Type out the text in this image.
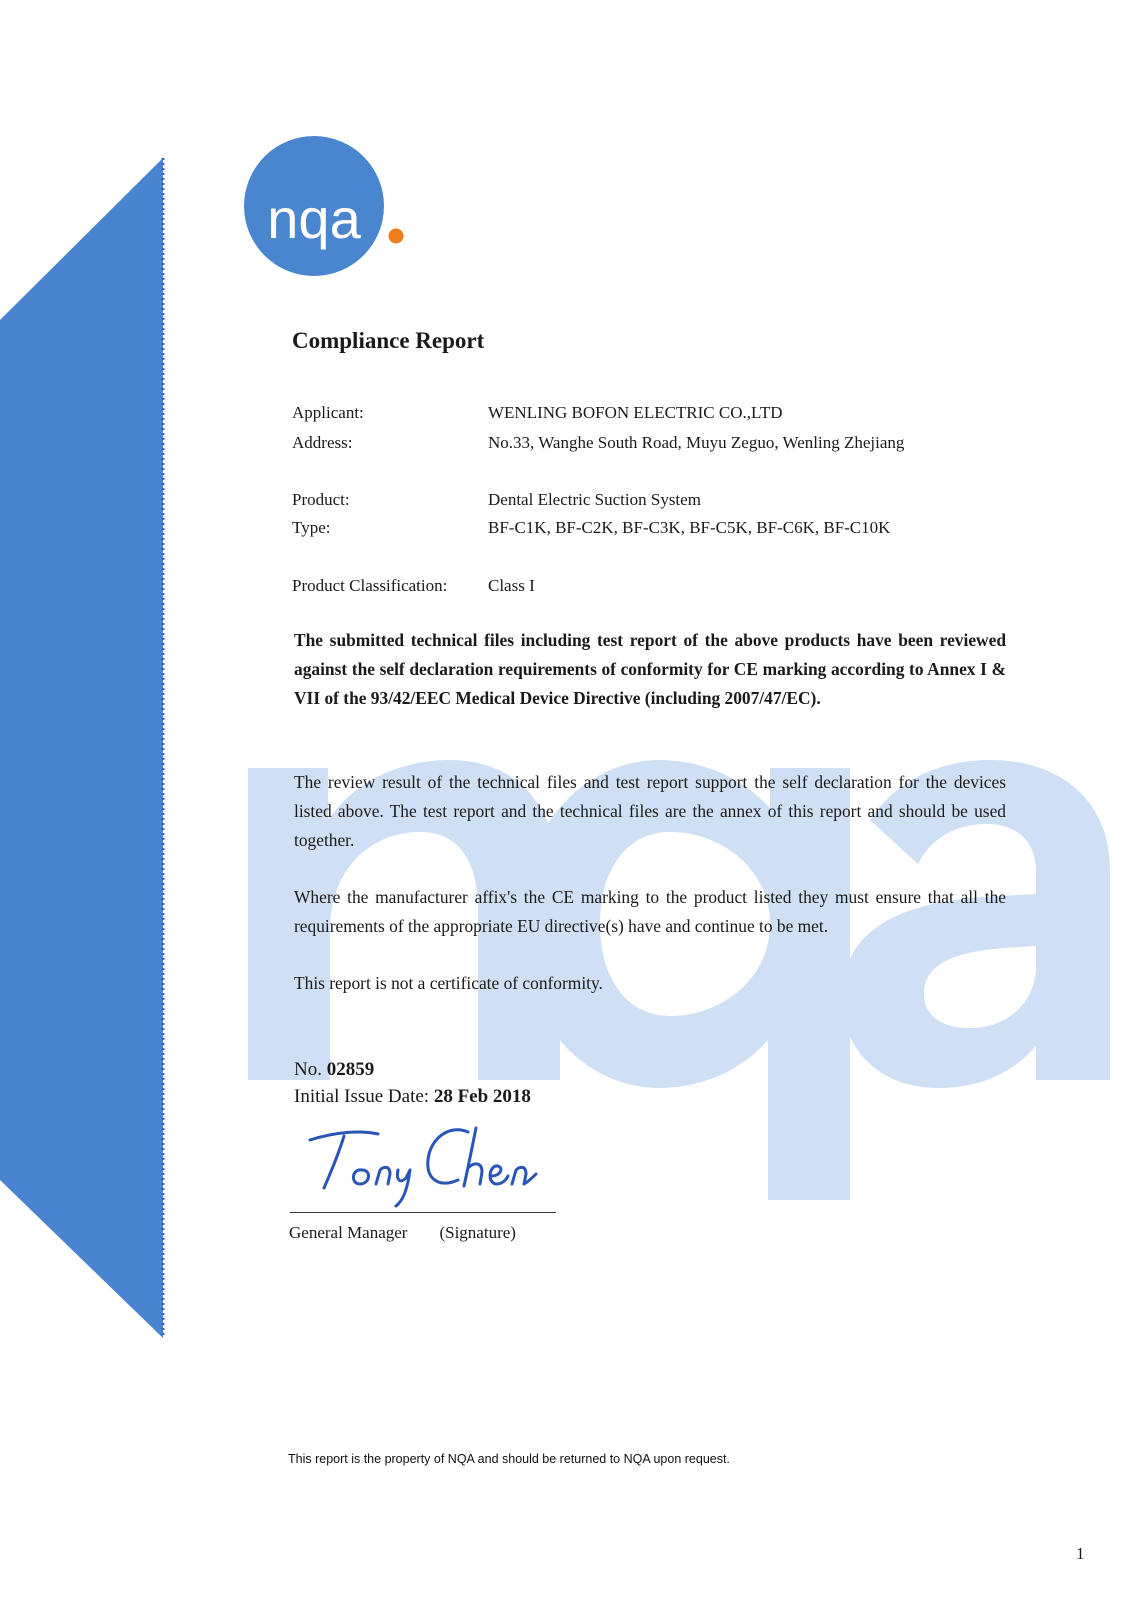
nqa
Compliance Report
Applicant:	WENLING BOFON ELECTRIC CO.,LTD
Address:	No.33, Wanghe South Road, Muyu Zeguo, Wenling Zhejiang
Product:	Dental Electric Suction System
Type:	BF-C1K, BF-C2K, BF-C3K, BF-C5K, BF-C6K, BF-C10K
Product Classification: Class I

The submitted technical files including test report of the above products have been reviewed against the self declaration requirements of conformity for CE marking according to Annex I & VII of the 93/42/EEC Medical Device Directive (including 2007/47/EC).

The review result of the technical files and test report support the self declaration for the devices listed above. The test report and the technical files are the annex of this report and should be used together.

Where the manufacturer affix's the CE marking to the product listed they must ensure that all the requirements of the appropriate EU directive(s) have and continue to be met.

This report is not a certificate of conformity.

No. 02859
Initial Issue Date: 28 Feb 2018
General Manager (Signature)
This report is the property of NQA and should be returned to NQA upon request.
1
